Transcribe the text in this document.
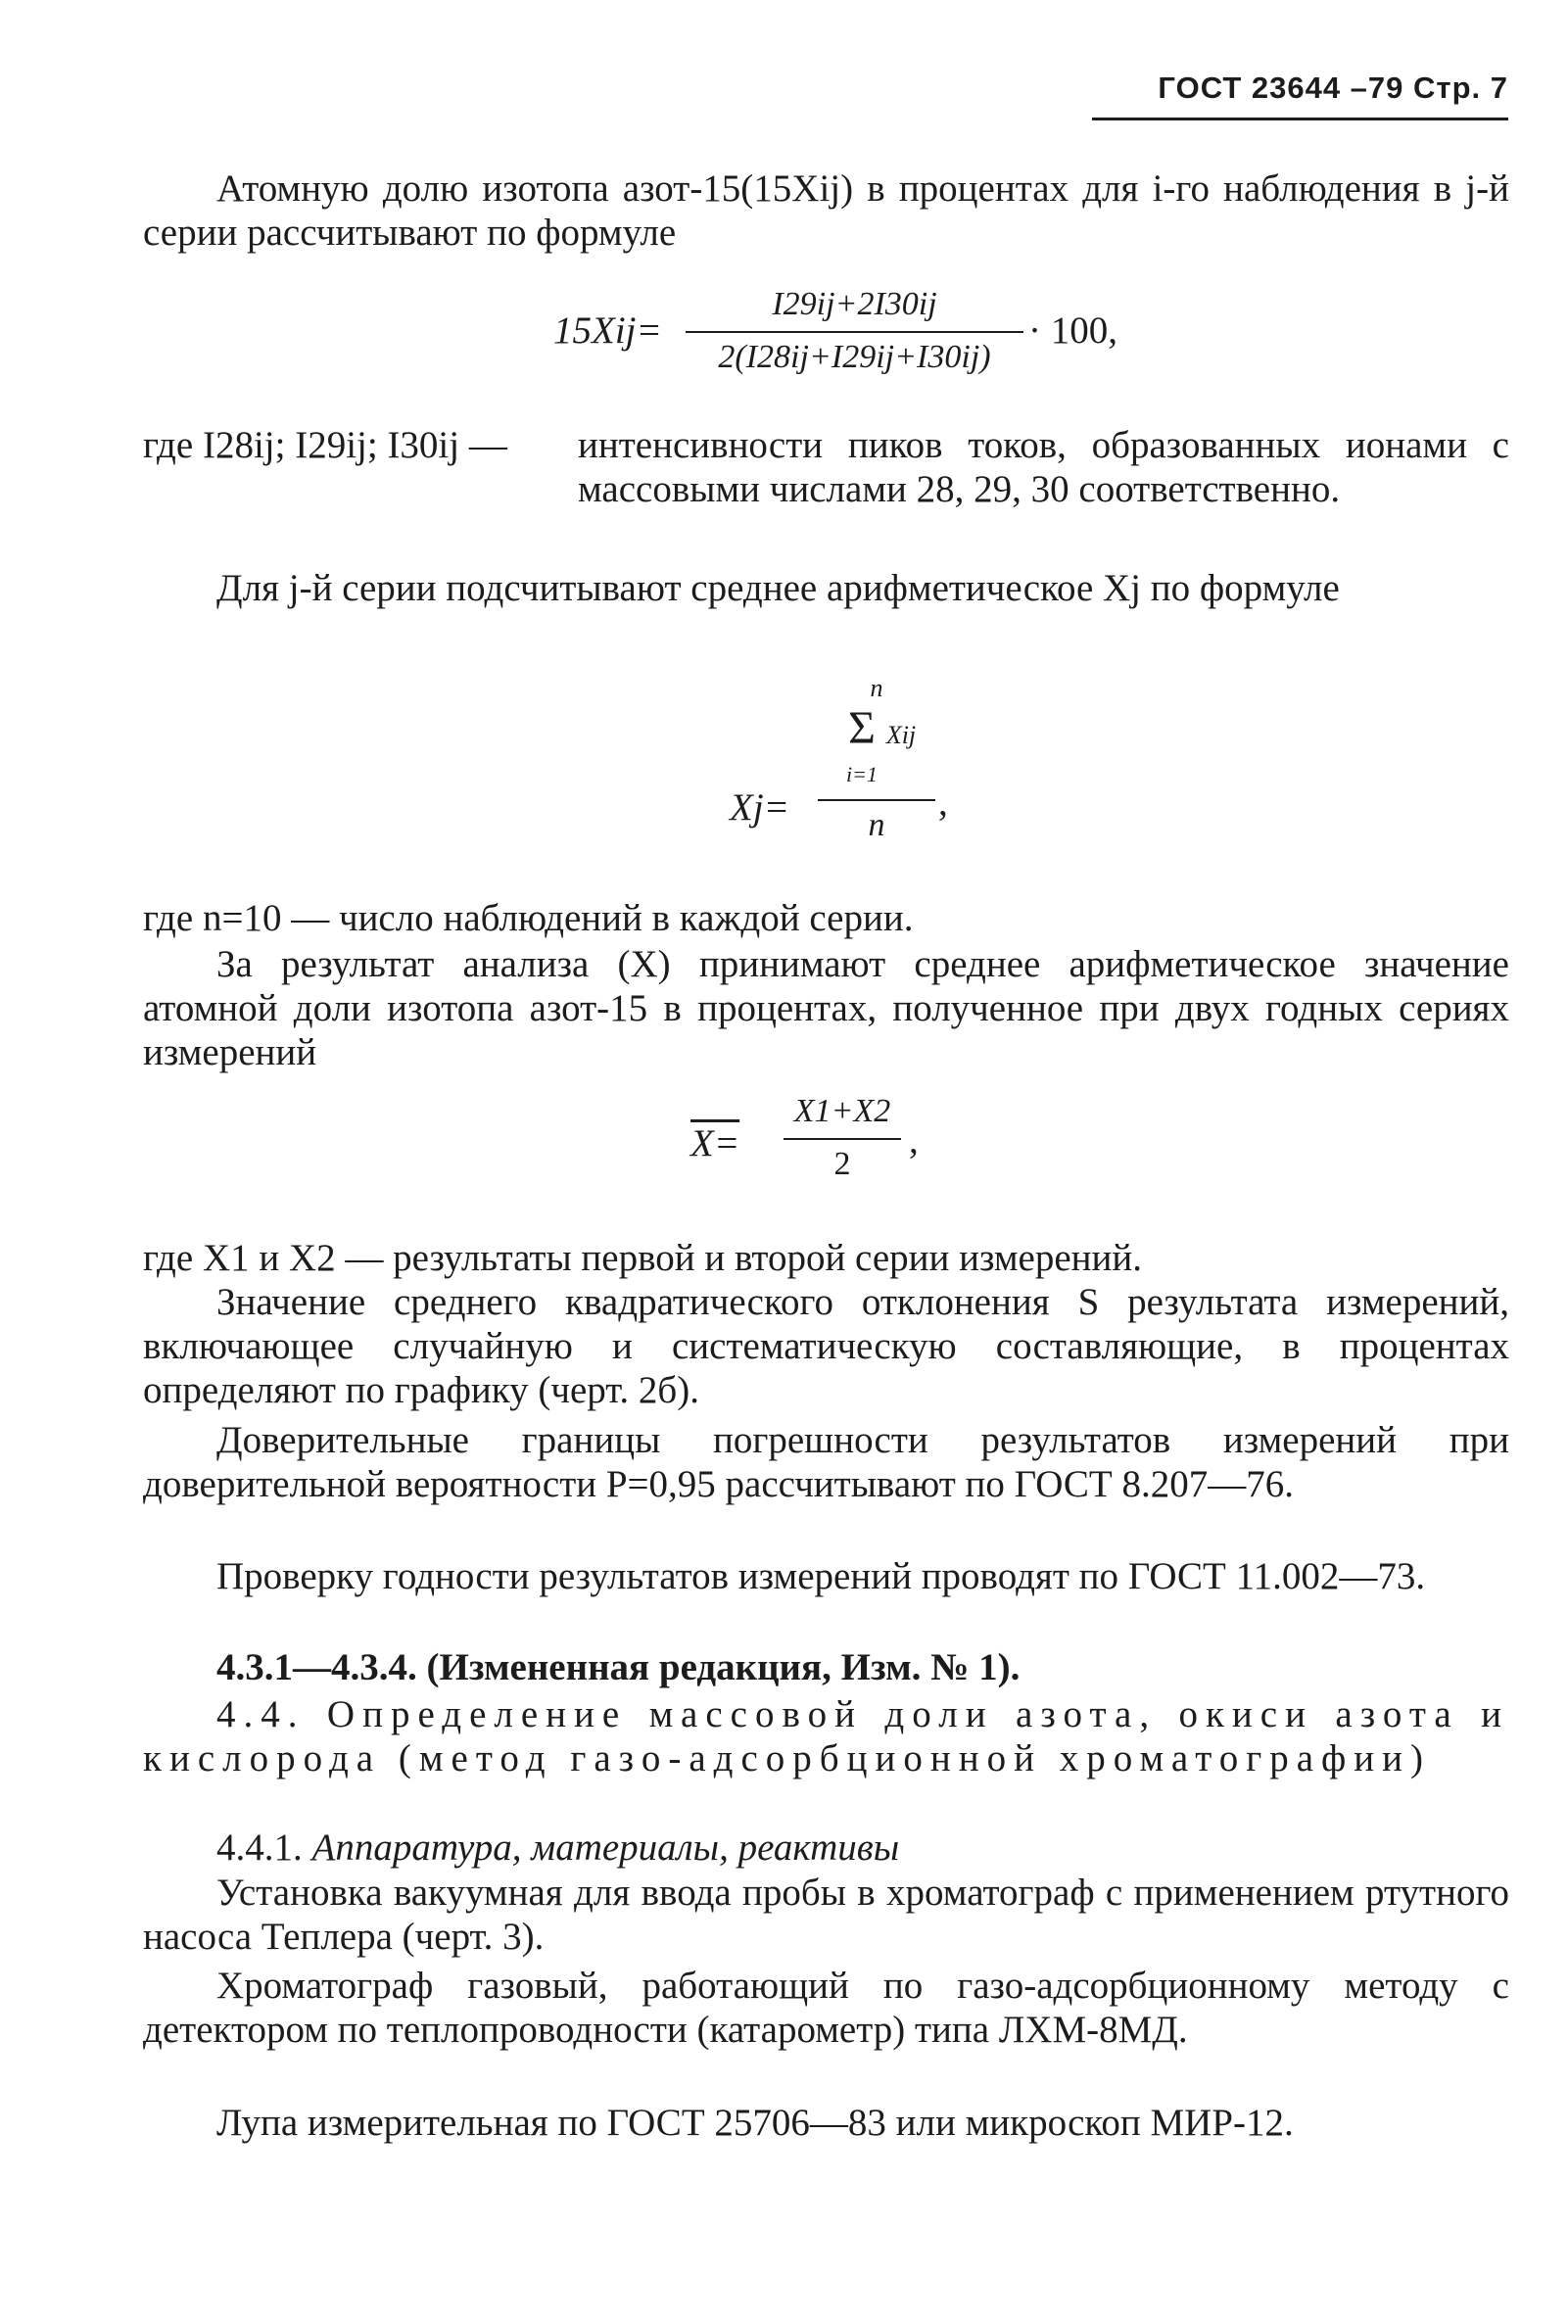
ГОСТ 23644 –79 Стр. 7
Атомную долю изотопа азот-15(15Xij) в процентах для i-го наблюдения в j-й серии рассчитывают по формуле
15Xij=
I29ij+2I30ij
2(I28ij+I29ij+I30ij)
· 100,
где I28ij; I29ij; I30ij — интенсивности пиков токов, образованных ионами с массовыми числами 28, 29, 30 соответственно.
Для j-й серии подсчитывают среднее арифметическое Xj по формуле
Xj=
n
Σ Xij
i=1
n
,
где n=10 — число наблюдений в каждой серии.
За результат анализа (X) принимают среднее арифметическое значение атомной доли изотопа азот-15 в процентах, полученное при двух годных сериях измерений
X=
X1+X2
2
,
где X1 и X2 — результаты первой и второй серии измерений.
Значение среднего квадратического отклонения S результата измерений, включающее случайную и систематическую составляющие, в процентах определяют по графику (черт. 2б).
Доверительные границы погрешности результатов измерений при доверительной вероятности P=0,95 рассчитывают по ГОСТ 8.207—76.
Проверку годности результатов измерений проводят по ГОСТ 11.002—73.
4.3.1—4.3.4. (Измененная редакция, Изм. № 1).
4.4. Определение массовой доли азота, окиси азота и кислорода (метод газо-адсорбционной хроматографии)
4.4.1. Аппаратура, материалы, реактивы
Установка вакуумная для ввода пробы в хроматограф с применением ртутного насоса Теплера (черт. 3).
Хроматограф газовый, работающий по газо-адсорбционному методу с детектором по теплопроводности (катарометр) типа ЛХМ-8МД.
Лупа измерительная по ГОСТ 25706—83 или микроскоп МИР-12.
